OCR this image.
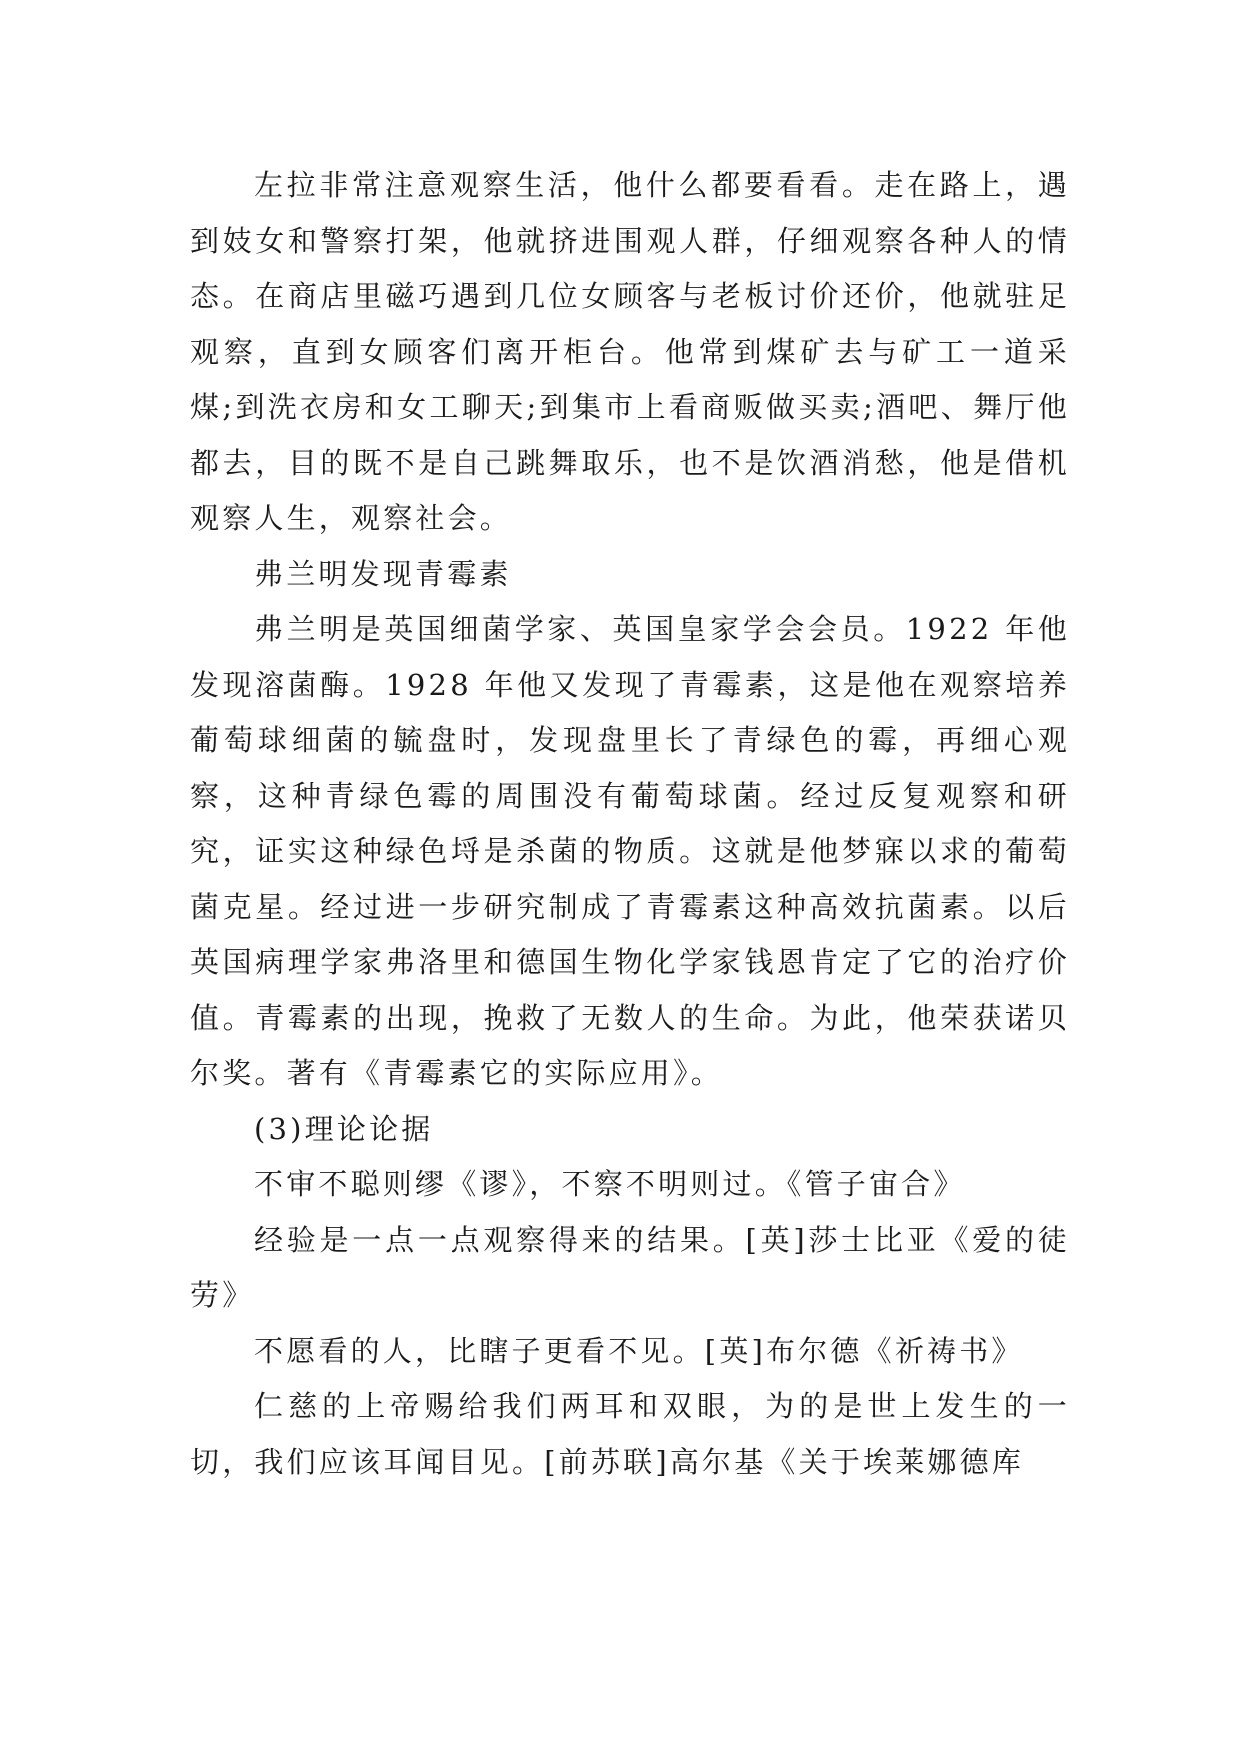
左拉非常注意观察生活，他什么都要看看。走在路上，遇到妓女和警察打架，他就挤进围观人群，仔细观察各种人的情态。在商店里磁巧遇到几位女顾客与老板讨价还价，他就驻足观察，直到女顾客们离开柜台。他常到煤矿去与矿工一道采煤;到洗衣房和女工聊天;到集市上看商贩做买卖;酒吧、舞厅他都去，目的既不是自己跳舞取乐，也不是饮酒消愁，他是借机观察人生，观察社会。

弗兰明发现青霉素

弗兰明是英国细菌学家、英国皇家学会会员。1922 年他发现溶菌酶。1928 年他又发现了青霉素，这是他在观察培养葡萄球细菌的毓盘时，发现盘里长了青绿色的霉，再细心观察，这种青绿色霉的周围没有葡萄球菌。经过反复观察和研究，证实这种绿色埒是杀菌的物质。这就是他梦寐以求的葡萄菌克星。经过进一步研究制成了青霉素这种高效抗菌素。以后英国病理学家弗洛里和德国生物化学家钱恩肯定了它的治疗价值。青霉素的出现，挽救了无数人的生命。为此，他荣获诺贝尔奖。著有《青霉素它的实际应用》。

(3)理论论据

不审不聪则缪《谬》，不察不明则过。《管子宙合》

经验是一点一点观察得来的结果。[英]莎士比亚《爱的徒劳》

不愿看的人，比瞎子更看不见。[英]布尔德《祈祷书》

仁慈的上帝赐给我们两耳和双眼，为的是世上发生的一切，我们应该耳闻目见。[前苏联]高尔基《关于埃莱娜德库
